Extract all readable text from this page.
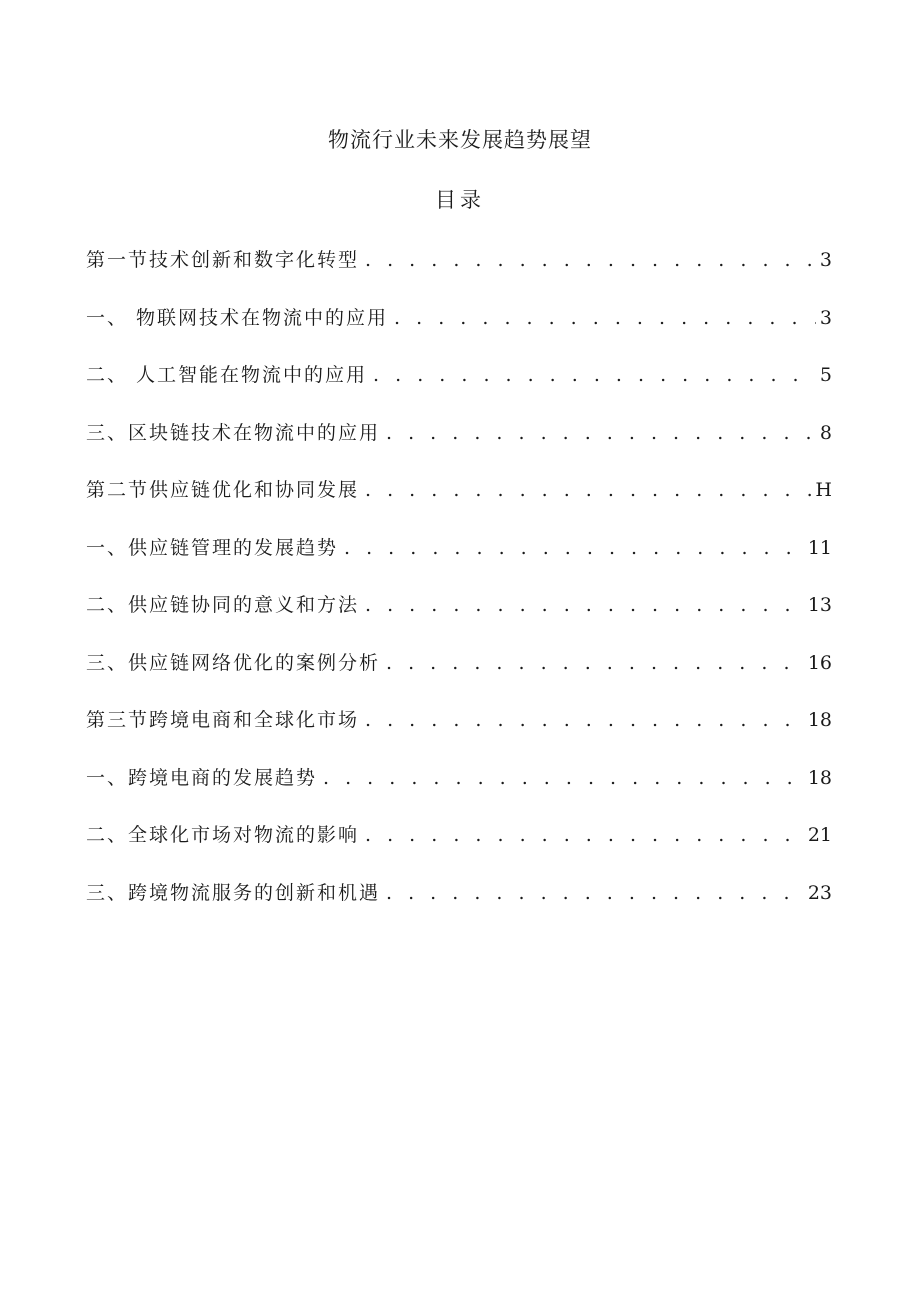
物流行业未来发展趋势展望
目录
第一节技术创新和数字化转型 . . .	3
一、 物联网技术在物流中的应用 . . .	3
二、 人工智能在物流中的应用 . . .	5
三、区块链技术在物流中的应用 . . .	8
第二节供应链优化和协同发展 . . .	H
一、供应链管理的发展趋势 . . .	11
二、供应链协同的意义和方法 . . .	13
三、供应链网络优化的案例分析 . . .	16
第三节跨境电商和全球化市场 . . .	18
一、跨境电商的发展趋势 . . .	18
二、全球化市场对物流的影响 . . .	21
三、跨境物流服务的创新和机遇 . . .	23
